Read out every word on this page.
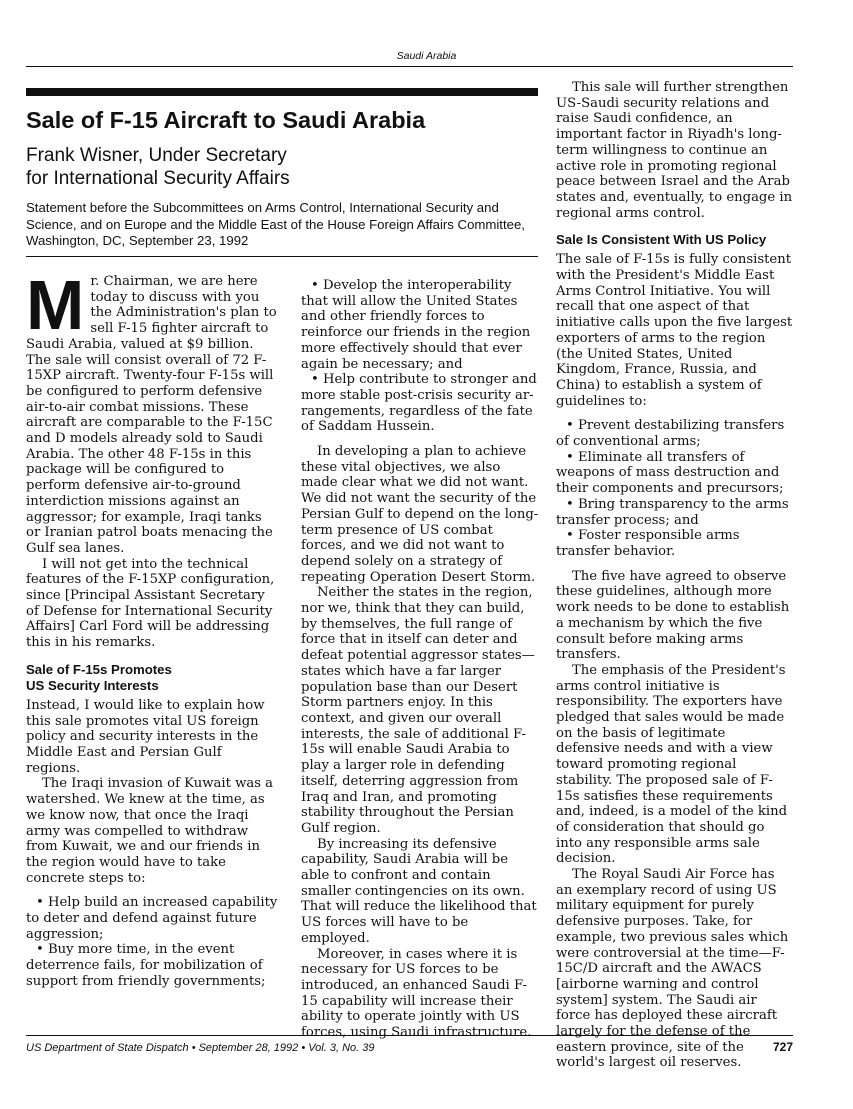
Saudi Arabia
Sale of F-15 Aircraft to Saudi Arabia
Frank Wisner, Under Secretary
for International Security Affairs
Statement before the Subcommittees on Arms Control, International Security and Science, and on Europe and the Middle East of the House Foreign Affairs Committee, Washington, DC, September 23, 1992

Mr. Chairman, we are here today to discuss with you the Administration's plan to sell F-15 fighter aircraft to Saudi Arabia, valued at $9 billion. The sale will consist overall of 72 F-15XP aircraft. Twenty-four F-15s will be configured to perform defensive air-to-air combat missions. These aircraft are comparable to the F-15C and D models already sold to Saudi Arabia. The other 48 F-15s in this package will be configured to perform defensive air-to-ground interdiction missions against an aggressor; for example, Iraqi tanks or Iranian patrol boats menacing the Gulf sea lanes.

I will not get into the technical features of the F-15XP configuration, since [Principal Assistant Secretary of Defense for International Security Affairs] Carl Ford will be addressing this in his remarks.

Sale of F-15s Promotes
US Security Interests

Instead, I would like to explain how this sale promotes vital US foreign policy and security interests in the Middle East and Persian Gulf regions.

The Iraqi invasion of Kuwait was a watershed. We knew at the time, as we know now, that once the Iraqi army was compelled to withdraw from Kuwait, we and our friends in the region would have to take concrete steps to:

• Help build an increased capability to deter and defend against future aggression;

• Buy more time, in the event deterrence fails, for mobilization of support from friendly governments;

• Develop the interoperability that will allow the United States and other friendly forces to reinforce our friends in the region more effectively should that ever again be necessary; and

• Help contribute to stronger and more stable post-crisis security arrangements, regardless of the fate of Saddam Hussein.

In developing a plan to achieve these vital objectives, we also made clear what we did not want. We did not want the security of the Persian Gulf to depend on the long-term presence of US combat forces, and we did not want to depend solely on a strategy of repeating Operation Desert Storm.

Neither the states in the region, nor we, think that they can build, by themselves, the full range of force that in itself can deter and defeat potential aggressor states—states which have a far larger population base than our Desert Storm partners enjoy. In this context, and given our overall interests, the sale of additional F-15s will enable Saudi Arabia to play a larger role in defending itself, deterring aggression from Iraq and Iran, and promoting stability throughout the Persian Gulf region.

By increasing its defensive capability, Saudi Arabia will be able to confront and contain smaller contingencies on its own. That will reduce the likelihood that US forces will have to be employed.

Moreover, in cases where it is necessary for US forces to be introduced, an enhanced Saudi F-15 capability will increase their ability to operate jointly with US forces, using Saudi infrastructure.

This sale will further strengthen US-Saudi security relations and raise Saudi confidence, an important factor in Riyadh's long-term willingness to continue an active role in promoting regional peace between Israel and the Arab states and, eventually, to engage in regional arms control.

Sale Is Consistent With US Policy

The sale of F-15s is fully consistent with the President's Middle East Arms Control Initiative. You will recall that one aspect of that initiative calls upon the five largest exporters of arms to the region (the United States, United Kingdom, France, Russia, and China) to establish a system of guidelines to:

• Prevent destabilizing transfers of conventional arms;

• Eliminate all transfers of weapons of mass destruction and their components and precursors;

• Bring transparency to the arms transfer process; and

• Foster responsible arms transfer behavior.

The five have agreed to observe these guidelines, although more work needs to be done to establish a mechanism by which the five consult before making arms transfers.

The emphasis of the President's arms control initiative is responsibility. The exporters have pledged that sales would be made on the basis of legitimate defensive needs and with a view toward promoting regional stability. The proposed sale of F-15s satisfies these requirements and, indeed, is a model of the kind of consideration that should go into any responsible arms sale decision.

The Royal Saudi Air Force has an exemplary record of using US military equipment for purely defensive purposes. Take, for example, two previous sales which were controversial at the time—F-15C/D aircraft and the AWACS [airborne warning and control system] system. The Saudi air force has deployed these aircraft largely for the defense of the eastern province, site of the world's largest oil reserves.

US Department of State Dispatch • September 28, 1992 • Vol. 3, No. 39	727
